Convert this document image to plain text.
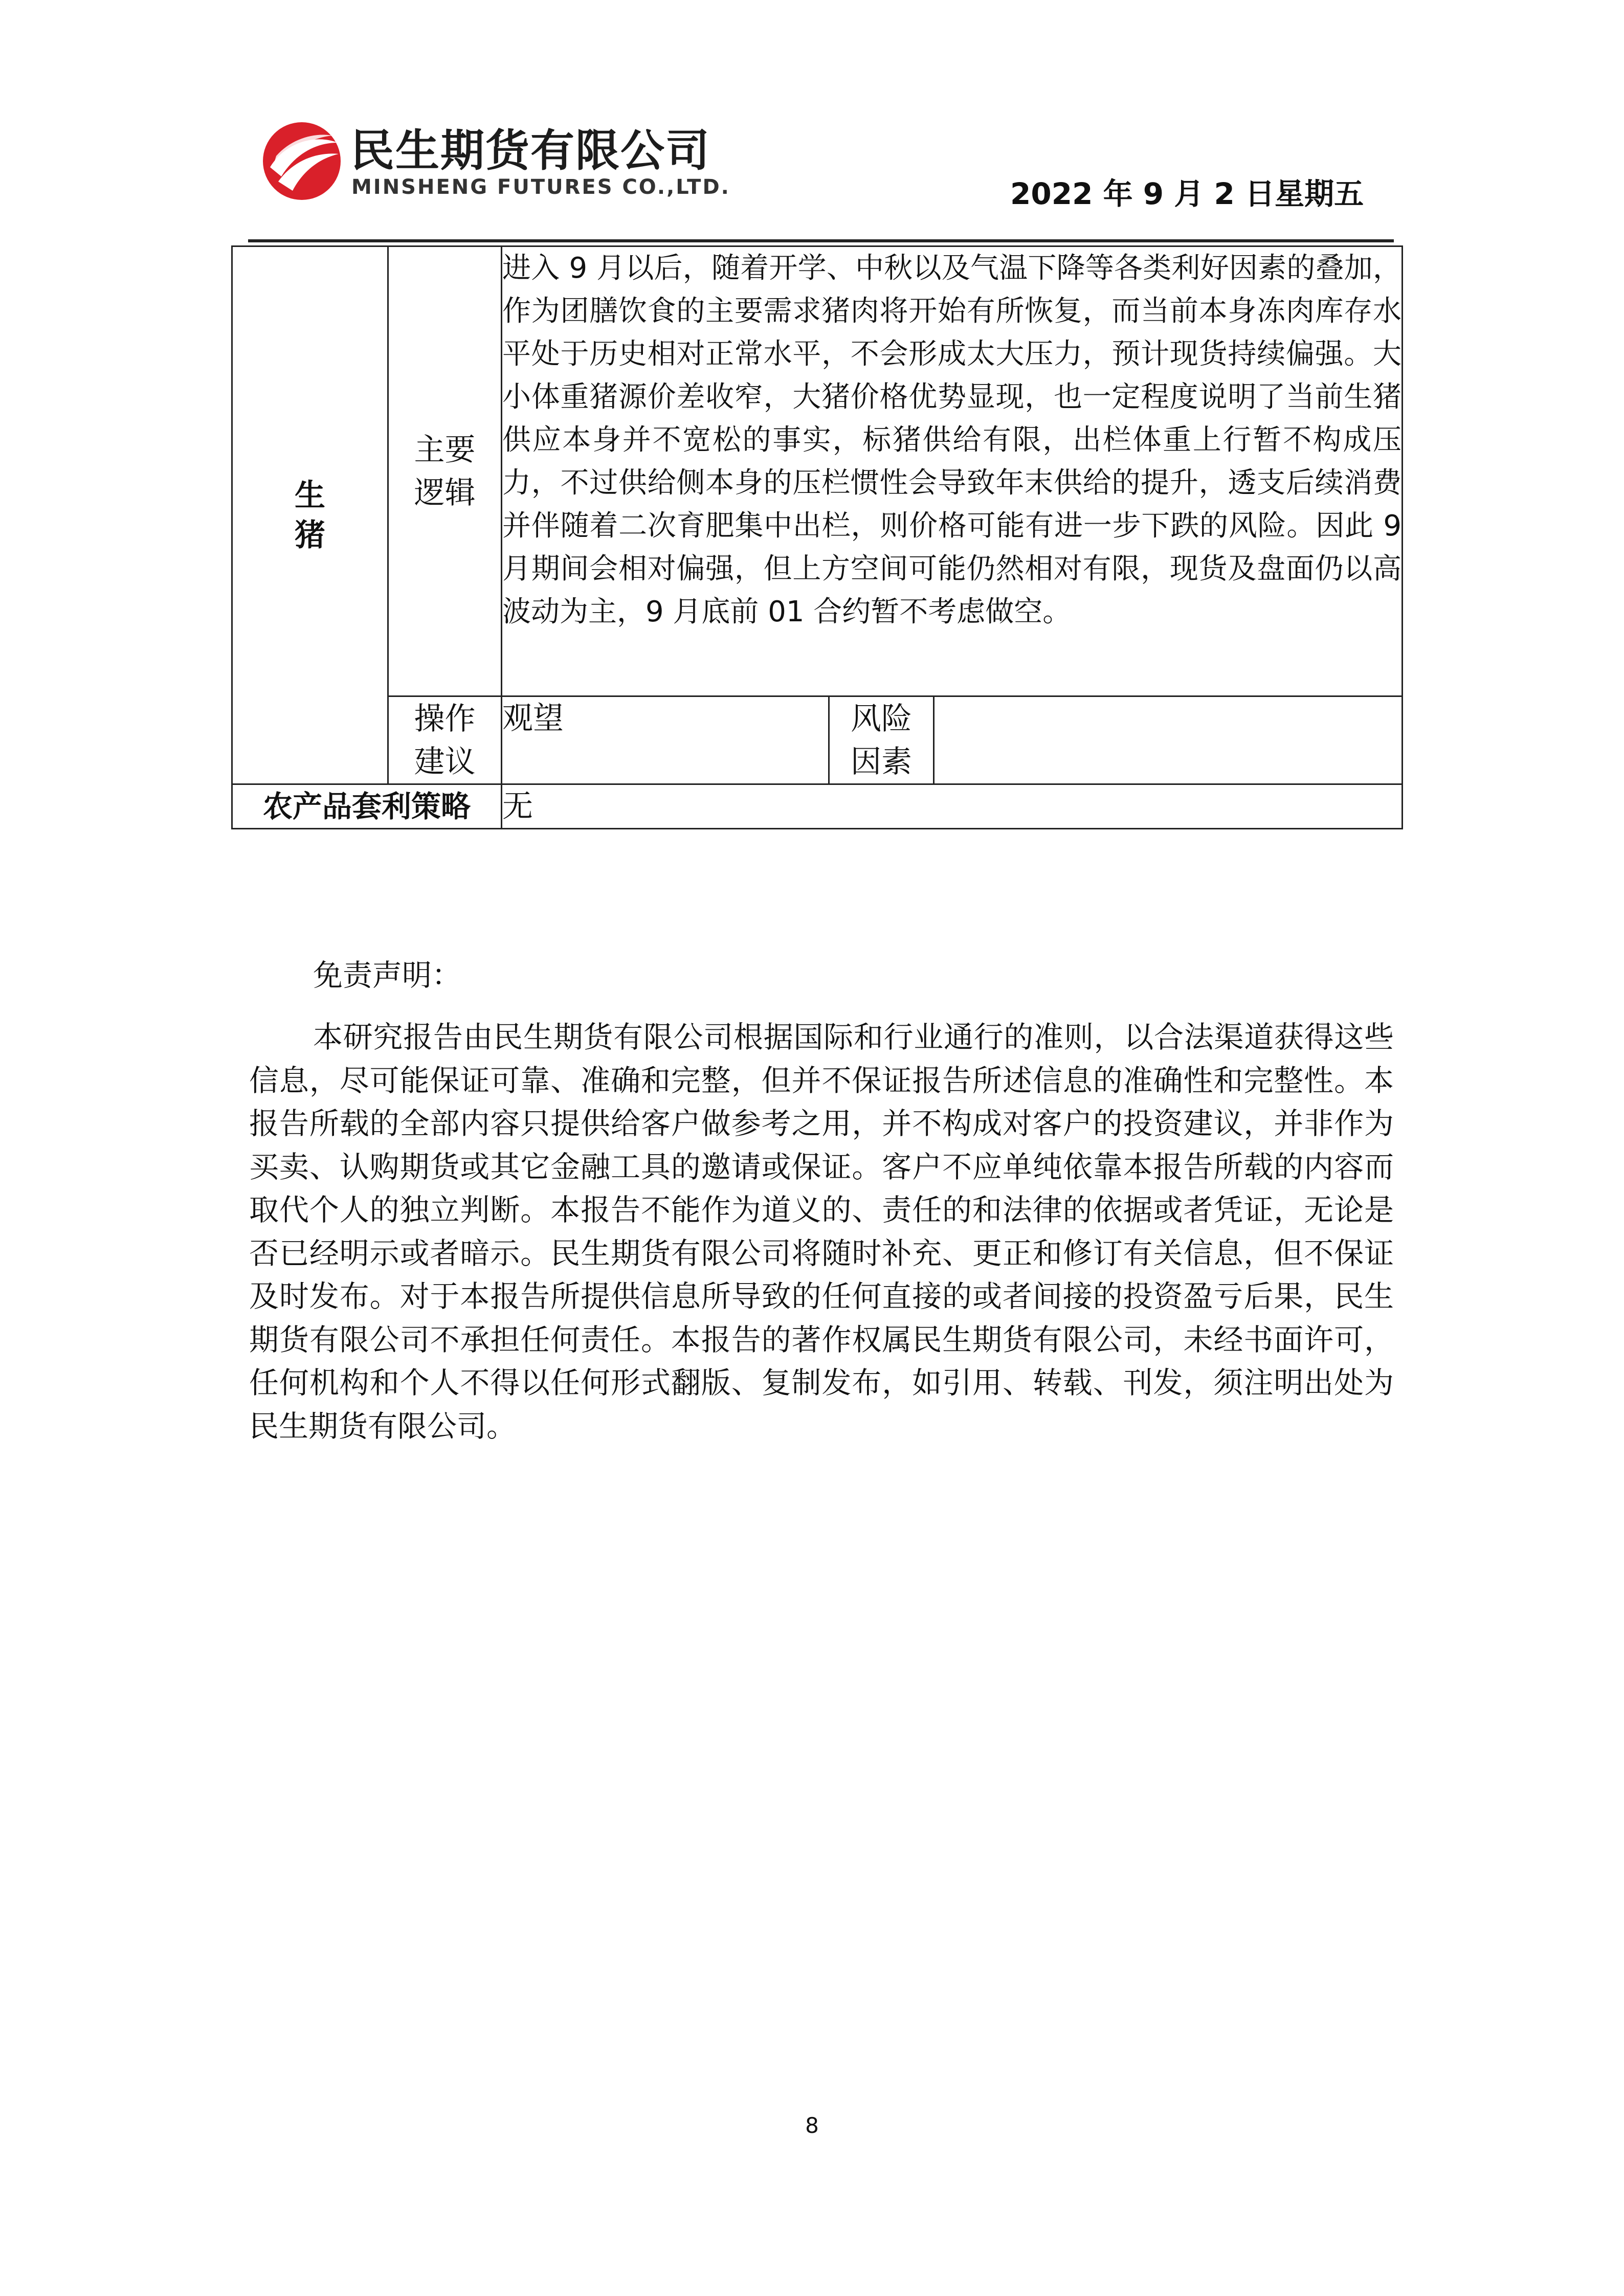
民生期货有限公司
MINSHENG FUTURES CO.,LTD.	2022 年 9 月 2 日星期五
生猪	主要逻辑	进入 9 月以后，随着开学、中秋以及气温下降等各类利好因素的叠加，作为团膳饮食的主要需求猪肉将开始有所恢复，而当前本身冻肉库存水平处于历史相对正常水平，不会形成太大压力，预计现货持续偏强。大小体重猪源价差收窄，大猪价格优势显现，也一定程度说明了当前生猪供应本身并不宽松的事实，标猪供给有限，出栏体重上行暂不构成压力，不过供给侧本身的压栏惯性会导致年末供给的提升，透支后续消费并伴随着二次育肥集中出栏，则价格可能有进一步下跌的风险。因此 9 月期间会相对偏强，但上方空间可能仍然相对有限，现货及盘面仍以高波动为主，9 月底前 01 合约暂不考虑做空。		

	操作建议	观望	风险因素	

农产品套利策略		无		
免责声明：

本研究报告由民生期货有限公司根据国际和行业通行的准则，以合法渠道获得这些信息，尽可能保证可靠、准确和完整，但并不保证报告所述信息的准确性和完整性。本报告所载的全部内容只提供给客户做参考之用，并不构成对客户的投资建议，并非作为买卖、认购期货或其它金融工具的邀请或保证。客户不应单纯依靠本报告所载的内容而取代个人的独立判断。本报告不能作为道义的、责任的和法律的依据或者凭证，无论是否已经明示或者暗示。民生期货有限公司将随时补充、更正和修订有关信息，但不保证及时发布。对于本报告所提供信息所导致的任何直接的或者间接的投资盈亏后果，民生期货有限公司不承担任何责任。本报告的著作权属民生期货有限公司，未经书面许可，任何机构和个人不得以任何形式翻版、复制发布，如引用、转载、刊发，须注明出处为民生期货有限公司。

8
